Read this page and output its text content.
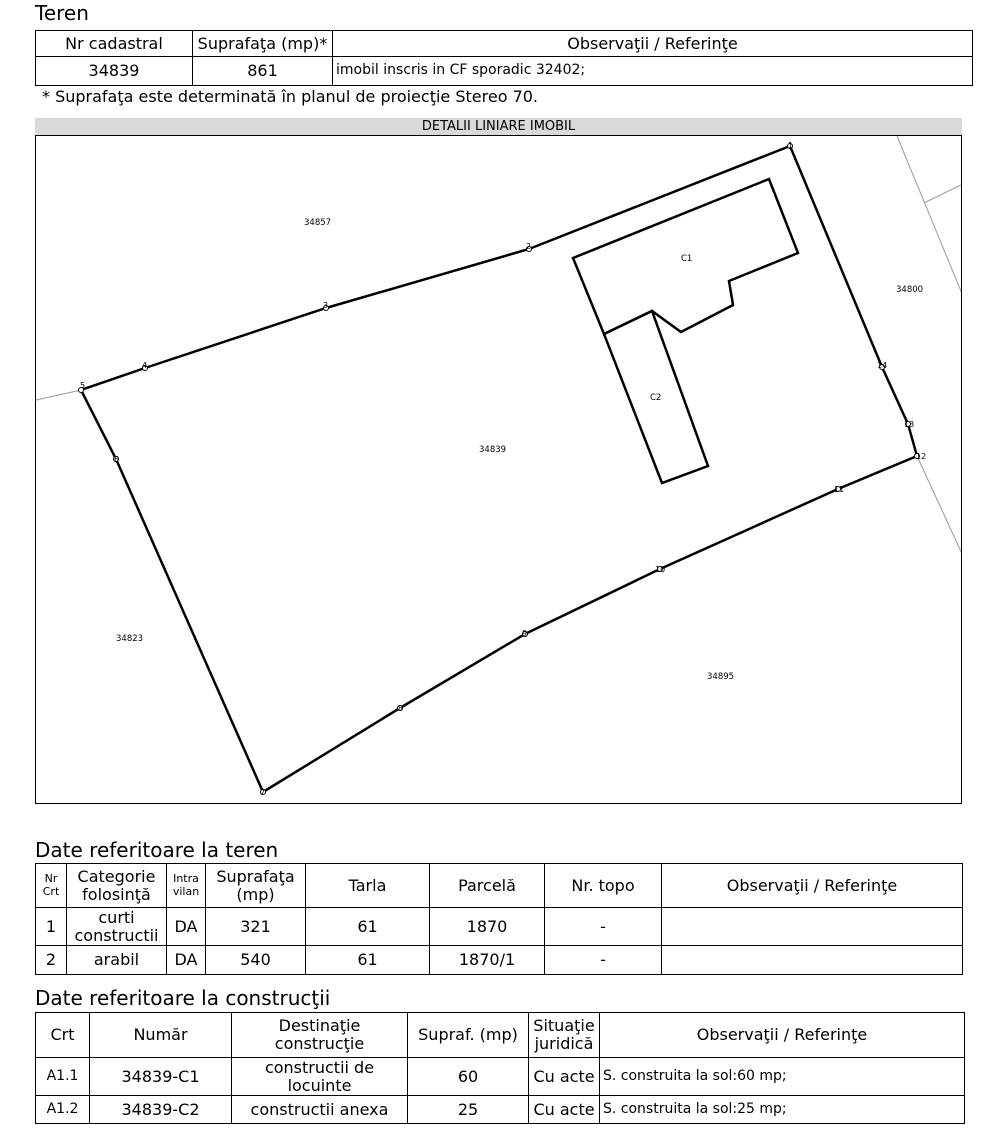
Teren
Nr cadastral	Suprafaţa (mp)*	Observaţii / Referinţe
34839	861	imobil inscris in CF sporadic 32402;
* Suprafaţa este determinată în planul de proiecţie Stereo 70.
DETALII LINIARE IMOBIL
1
2
3
4
5
6
7
8
9
10
11
12
13
14
34857
34800
34839
34823
34895
C1
C2
Date referitoare la teren
Nr Crt	Categorie folosinţă	Intra vilan	Suprafaţa (mp)	Tarla	Parcelă	Nr. topo	Observaţii / Referinţe
1	curti constructii	DA	321	61	1870	-	
2	arabil	DA	540	61	1870/1	-	
Date referitoare la construcţii
Crt	Număr	Destinaţie construcţie	Supraf. (mp)	Situaţie juridică	Observaţii / Referinţe
A1.1	34839-C1	constructii de locuinte	60	Cu acte	S. construita la sol:60 mp;
A1.2	34839-C2	constructii anexa	25	Cu acte	S. construita la sol:25 mp;
